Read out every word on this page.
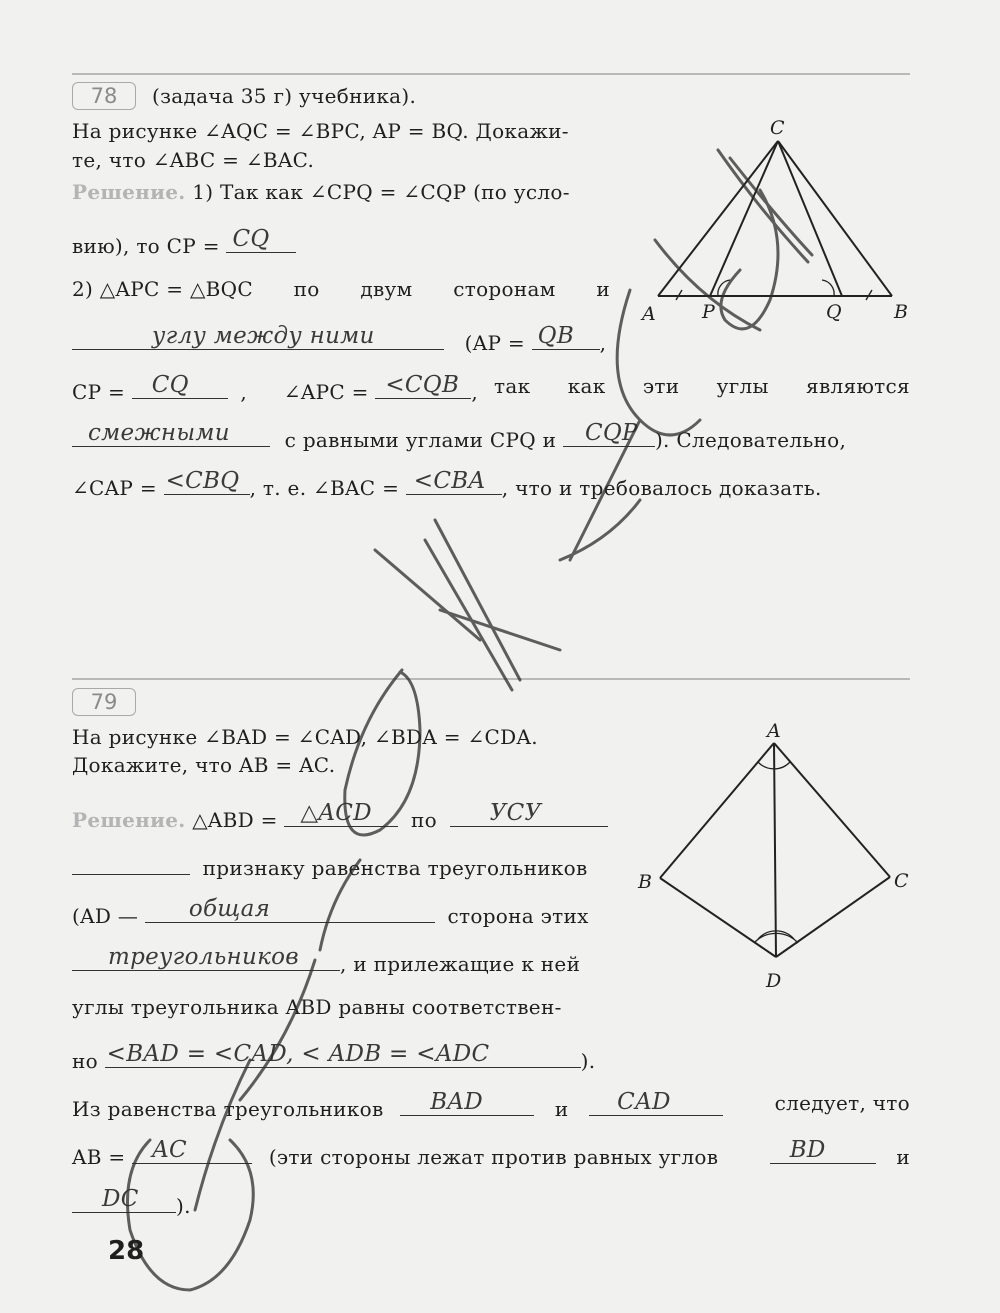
78	(задача 35 г) учебника).
На рисунке ∠AQC = ∠BPC, AP = BQ. Докажи-
те, что ∠ABC = ∠BAC.
Решение. 1) Так как ∠CPQ = ∠CQP (по усло-
вию), то CP = CQ
2) △APC = △BQC по двум сторонам и
углу между ними	(AP = QB ,
CP = CQ	, ∠APC = <CQB , так как эти углы являются
смежными	с равными углами CPQ и CQP ). Следовательно,
∠CAP = <CBQ , т. е. ∠BAC = <CBA , что и требовалось доказать.
C
A P	Q	B
79
На рисунке ∠BAD = ∠CAD, ∠BDA = ∠CDA.
Докажите, что AB = AC.
Решение. △ABD = △ACD по УСУ
признаку равенства треугольников
(AD — общая	сторона этих
треугольников , и прилежащие к ней
углы треугольника ABD равны соответствен-
но <BAD = <CAD, < ADB = <ADC	).
Из равенства треугольников BAD	и CAD	следует, что
AB = AC	(эти стороны лежат против равных углов	BD	и
DC ).
A
B	C
D
28
